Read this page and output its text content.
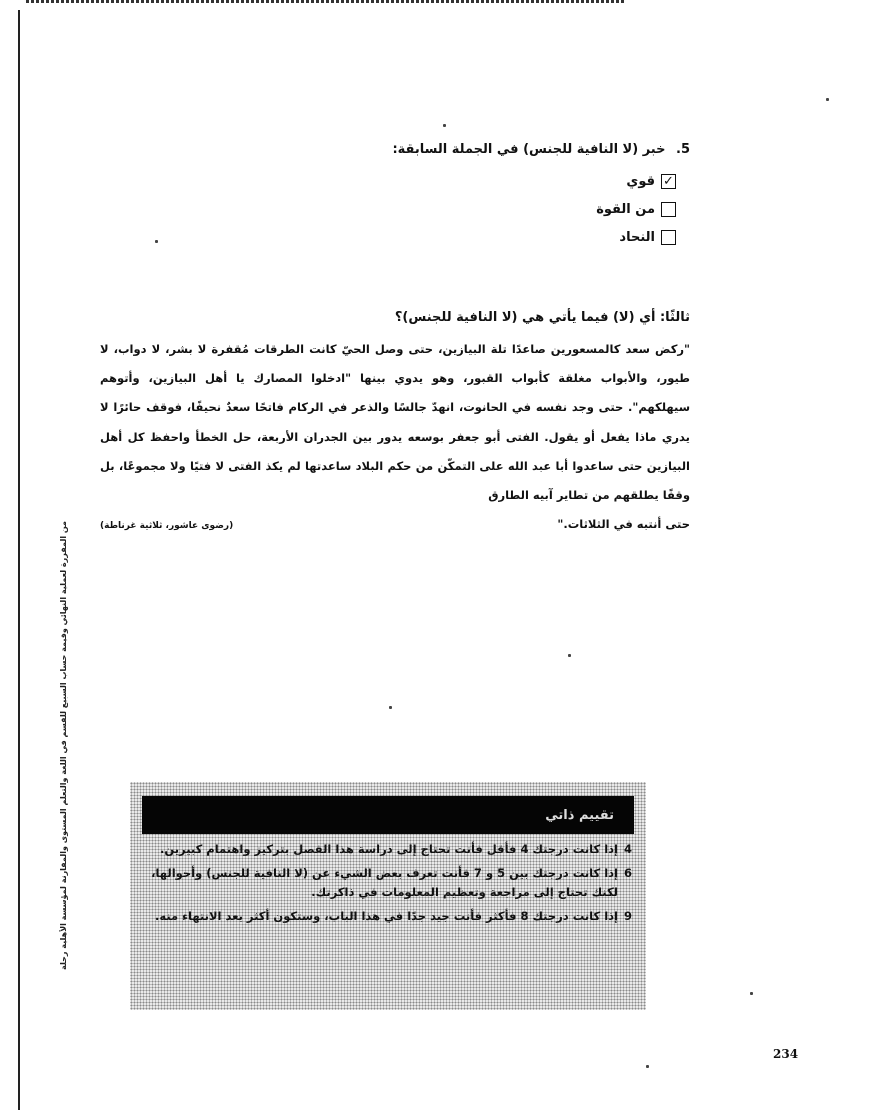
من المقررة لعملية النهائي وقيمة حساب السبيع للقسم في اللغة والتعلم المستوى والمقارنة لمؤسسة الأهلية رحلة
5. خبر (لا النافية للجنس) في الجملة السابقة:
✓
قوي
من القوة
النحاد
ثالثًا: أي (لا) فيما يأتي هي (لا النافية للجنس)؟
"ركض سعد كالمسعورين صاعدًا تلة البيازين، حتى وصل الحيّ كانت الطرقات مُقفرة لا بشر، لا دواب، لا طيور، والأبواب مغلقة كأبواب القبور، وهو يدوي بينها "ادخلوا المصارك يا أهل البيازين، وأتوهم سيهلكهم". حتى وجد نفسه في الحانوت، انهدّ جالسًا والذعر في الركام فاتحًا سعدٌ نحيفًا، فوقف حائرًا لا يدري ماذا يفعل أو يقول. الفتى أبو جعفر بوسعه يدور بين الجدران الأربعة، حل الخطأ واحفظ كل أهل البيازين حتى ساعدوا أبا عبد الله على التمكّن من حكم البلاد ساعدتها لم يكذ الفتى لا فتيًا ولا مجموعًا، بل وقفًا يطلقهم من تطاير آبيه الطارق
حتى أنتبه في الثلاثات."
(رضوى عاشور، ثلاثية غرناطة)
تقييم ذاتي
4
إذا كانت درجتك 4 فأقل فأنت تحتاج إلى دراسة هذا الفصل بتركيز واهتمام كبيرين.
6
إذا كانت درجتك بين 5 و 7 فأنت تعرف بعض الشيء عن (لا النافية للجنس) وأحوالها، لكنك تحتاج إلى مراجعة وتعظيم المعلومات في ذاكرتك.
9
إذا كانت درجتك 8 فأكثر فأنت جيد جدًا في هذا الباب، وستكون أكثر بعد الانتهاء منه.
234
